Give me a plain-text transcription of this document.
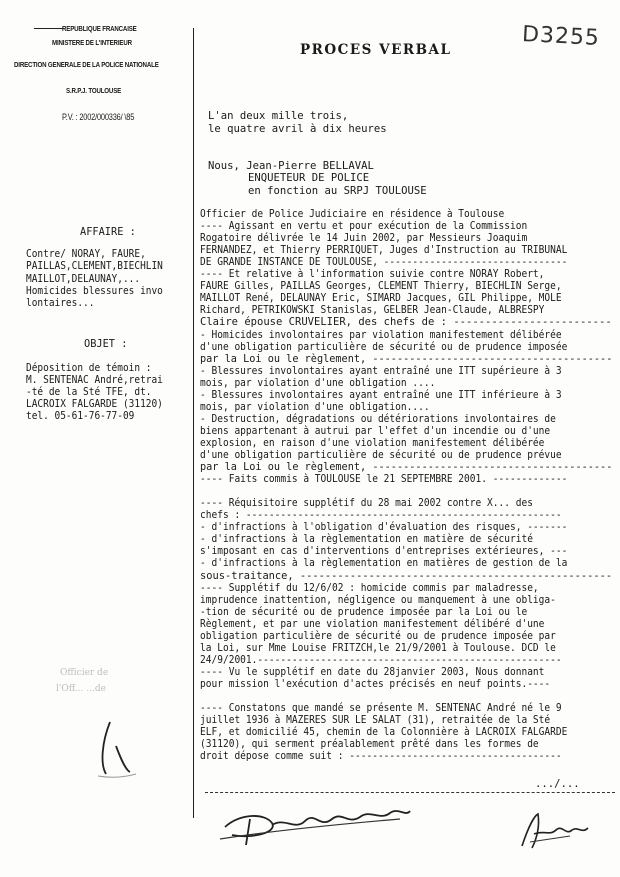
REPUBLIQUE FRANCAISE
MINISTERE DE L'INTERIEUR
DIRECTION GENERALE DE LA POLICE NATIONALE
S.R.P.J. TOULOUSE
P.V. : 2002/000336/ \85
D3255
PROCES VERBAL
AFFAIRE :
Contre/ NORAY, FAURE,
PAILLAS,CLEMENT,BIECHLIN
MAILLOT,DELAUNAY,...
Homicides blessures invo
lontaires...
OBJET :
Déposition de témoin :
M. SENTENAC André,retrai
-té de la Sté TFE, dt.
LACROIX FALGARDE (31120)
tel. 05-61-76-77-09
L'an deux mille trois,
le quatre avril à dix heures
Nous, Jean-Pierre BELLAVAL
ENQUETEUR DE POLICE
en fonction au SRPJ TOULOUSE
Officier de Police Judiciaire en résidence à Toulouse
---- Agissant en vertu et pour exécution de la Commission
Rogatoire délivrée le 14 Juin 2002, par Messieurs Joaquim
FERNANDEZ, et Thierry PERRIQUET, Juges d'Instruction au TRIBUNAL
DE GRANDE INSTANCE DE TOULOUSE, --------------------------------
---- Et relative à l'information suivie contre NORAY Robert,
FAURE Gilles, PAILLAS Georges, CLEMENT Thierry, BIECHLIN Serge,
MAILLOT René, DELAUNAY Eric, SIMARD Jacques, GIL Philippe, MOLE
Richard, PETRIKOWSKI Stanislas, GELBER Jean-Claude, ALBRESPY
Claire épouse CRUVELIER, des chefs de : -------------------------
- Homicides involontaires par violation manifestement délibérée
d'une obligation particulière de sécurité ou de prudence imposée
par la Loi ou le règlement, ---------------------------------------
- Blessures involontaires ayant entraîné une ITT supérieure à 3
mois, par violation d'une obligation ....
- Blessures involontaires ayant entraîné une ITT inférieure à 3
mois, par violation d'une obligation....
- Destruction, dégradations ou détériorations involontaires de
biens appartenant à autrui par l'effet d'un incendie ou d'une
explosion, en raison d'une violation manifestement délibérée
d'une obligation particulière de sécurité ou de prudence prévue
par la Loi ou le règlement, ---------------------------------------
---- Faits commis à TOULOUSE le 21 SEPTEMBRE 2001. -------------
---- Réquisitoire supplétif du 28 mai 2002 contre X... des
chefs : -------------------------------------------------------
- d'infractions à l'obligation d'évaluation des risques, -------
- d'infractions à la règlementation en matière de sécurité
s'imposant en cas d'interventions d'entreprises extérieures, ---
- d'infractions à la règlementation en matières de gestion de la
sous-traitance, --------------------------------------------------
---- Supplétif du 12/6/02 : homicide commis par maladresse,
imprudence inattention, négligence ou manquement à une obliga-
-tion de sécurité ou de prudence imposée par la Loi ou le
Règlement, et par une violation manifestement délibéré d'une
obligation particulière de sécurité ou de prudence imposée par
la Loi, sur Mme Louise FRITZCH,le 21/9/2001 à Toulouse. DCD le
24/9/2001.-----------------------------------------------------
---- Vu le supplétif en date du 28janvier 2003, Nous donnant
pour mission l'exécution d'actes précisés en neuf points.----
---- Constatons que mandé se présente M. SENTENAC André né le 9
juillet 1936 à MAZERES SUR LE SALAT (31), retraitée de la Sté
ELF, et domicilié 45, chemin de la Colonnière à LACROIX FALGARDE
(31120), qui serment préalablement prêté dans les formes de
droit dépose comme suit : -------------------------------------
Officier de
l'Off... ...de
.../...
